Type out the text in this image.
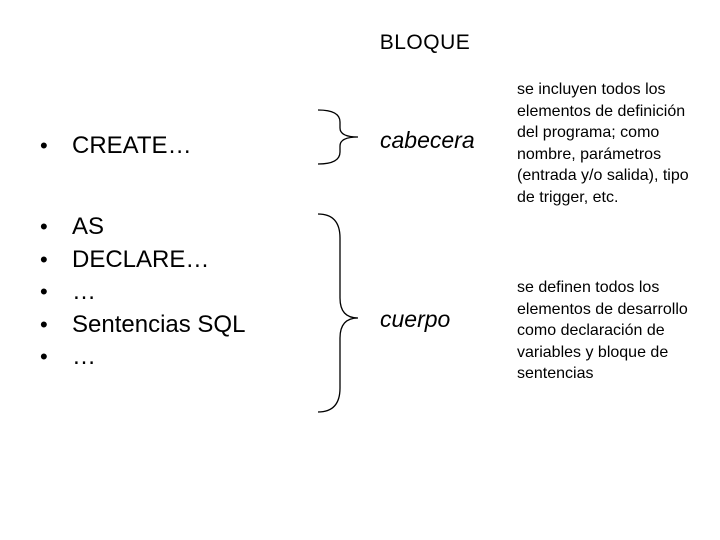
BLOQUE
• CREATE…
• AS
• DECLARE…
• …
• Sentencias SQL
• …
cabecera
cuerpo
se incluyen todos los elementos de definición del programa; como nombre, parámetros (entrada y/o salida), tipo de trigger, etc.
se definen todos los elementos de desarrollo como declaración de variables y bloque de sentencias
